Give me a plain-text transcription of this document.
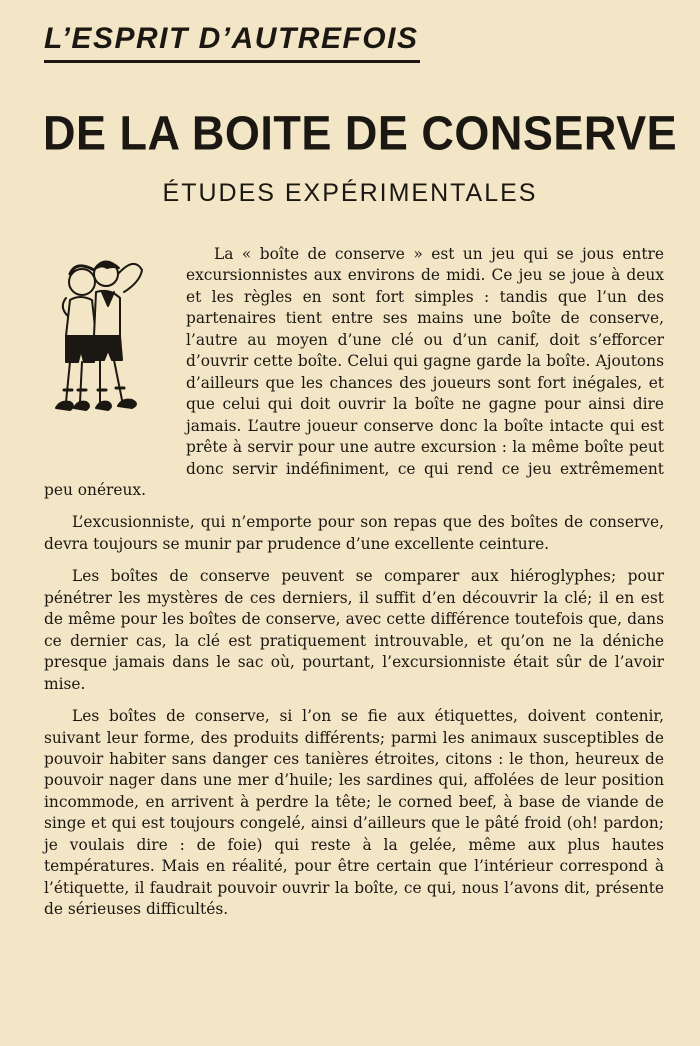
L’ESPRIT D’AUTREFOIS
DE LA BOITE DE CONSERVE
ÉTUDES EXPÉRIMENTALES

La « boîte de conserve » est un jeu qui se jous entre excursionnistes aux environs de midi. Ce jeu se joue à deux et les règles en sont fort simples : tandis que l’un des partenaires tient entre ses mains une boîte de conserve, l’autre au moyen d’une clé ou d’un canif, doit s’efforcer d’ouvrir cette boîte. Celui qui gagne garde la boîte. Ajoutons d’ailleurs que les chances des joueurs sont fort inégales, et que celui qui doit ouvrir la boîte ne gagne pour ainsi dire jamais. L’autre joueur conserve donc la boîte intacte qui est prête à servir pour une autre excursion : la même boîte peut donc servir indéfiniment, ce qui rend ce jeu extrêmement peu onéreux.

L’excusionniste, qui n’emporte pour son repas que des boîtes de conserve, devra toujours se munir par prudence d’une excellente ceinture.

Les boîtes de conserve peuvent se comparer aux hiéroglyphes; pour pénétrer les mystères de ces derniers, il suffit d’en découvrir la clé; il en est de même pour les boîtes de conserve, avec cette différence toutefois que, dans ce dernier cas, la clé est pratiquement introuvable, et qu’on ne la déniche presque jamais dans le sac où, pourtant, l’excursionniste était sûr de l’avoir mise.

Les boîtes de conserve, si l’on se fie aux étiquettes, doivent contenir, suivant leur forme, des produits différents; parmi les animaux susceptibles de pouvoir habiter sans danger ces tanières étroites, citons : le thon, heureux de pouvoir nager dans une mer d’huile; les sardines qui, affolées de leur position incommode, en arrivent à perdre la tête; le corned beef, à base de viande de singe et qui est toujours congelé, ainsi d’ailleurs que le pâté froid (oh! pardon; je voulais dire : de foie) qui reste à la gelée, même aux plus hautes températures. Mais en réalité, pour être certain que l’intérieur correspond à l’étiquette, il faudrait pouvoir ouvrir la boîte, ce qui, nous l’avons dit, présente de sérieuses difficultés.
